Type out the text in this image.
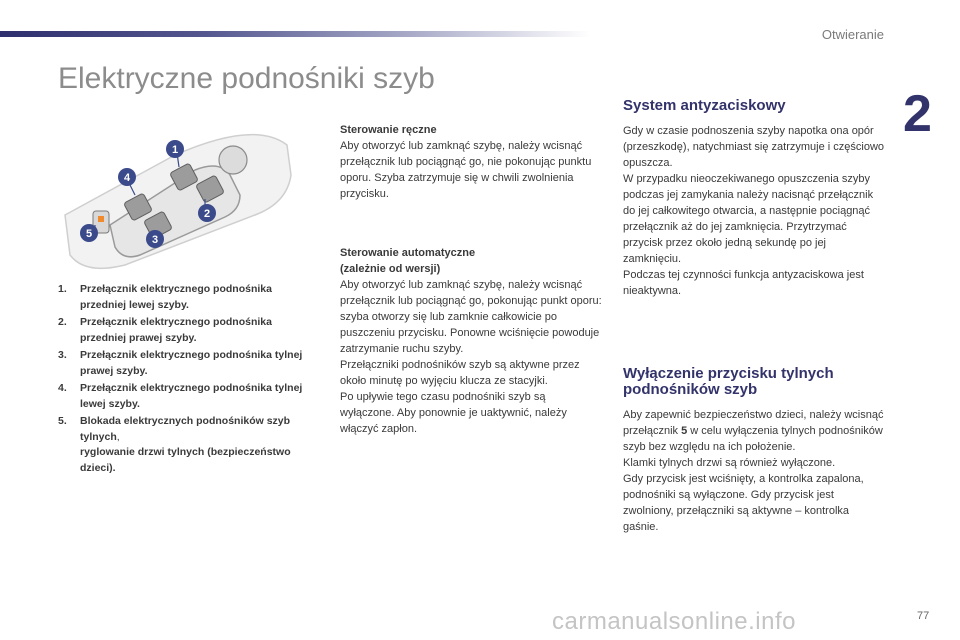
Otwieranie
2
Elektryczne podnośniki szyb
1
2
3
4
5
1. Przełącznik elektrycznego podnośnika przedniej lewej szyby.
2. Przełącznik elektrycznego podnośnika przedniej prawej szyby.
3. Przełącznik elektrycznego podnośnika tylnej prawej szyby.
4. Przełącznik elektrycznego podnośnika tylnej lewej szyby.
5. Blokada elektrycznych podnośników szyb tylnych,
ryglowanie drzwi tylnych (bezpieczeństwo dzieci).

Sterowanie ręczne

Aby otworzyć lub zamknąć szybę, należy wcisnąć przełącznik lub pociągnąć go, nie pokonując punktu oporu. Szyba zatrzymuje się w chwili zwolnienia przycisku.

Sterowanie automatyczne

(zależnie od wersji)

Aby otworzyć lub zamknąć szybę, należy wcisnąć przełącznik lub pociągnąć go, pokonując punkt oporu: szyba otworzy się lub zamknie całkowicie po puszczeniu przycisku. Ponowne wciśnięcie powoduje zatrzymanie ruchu szyby.

Przełączniki podnośników szyb są aktywne przez około minutę po wyjęciu klucza ze stacyjki.

Po upływie tego czasu podnośniki szyb są wyłączone. Aby ponownie je uaktywnić, należy włączyć zapłon.

System antyzaciskowy

Gdy w czasie podnoszenia szyby napotka ona opór (przeszkodę), natychmiast się zatrzymuje i częściowo opuszcza.

W przypadku nieoczekiwanego opuszczenia szyby podczas jej zamykania należy nacisnąć przełącznik do jej całkowitego otwarcia, a następnie pociągnąć przełącznik aż do jej zamknięcia. Przytrzymać przycisk przez około jedną sekundę po jej zamknięciu.

Podczas tej czynności funkcja antyzaciskowa jest nieaktywna.

Wyłączenie przycisku tylnych podnośników szyb

Aby zapewnić bezpieczeństwo dzieci, należy wcisnąć przełącznik 5 w celu wyłączenia tylnych podnośników szyb bez względu na ich położenie.

Klamki tylnych drzwi są również wyłączone.

Gdy przycisk jest wciśnięty, a kontrolka zapalona, podnośniki są wyłączone. Gdy przycisk jest zwolniony, przełączniki są aktywne – kontrolka gaśnie.

carmanualsonline.info	77
